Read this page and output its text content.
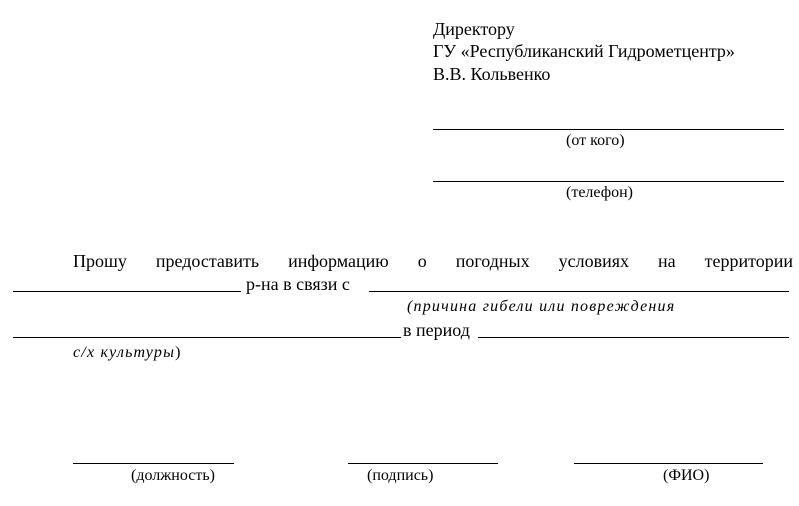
Директору
ГУ «Республиканский Гидрометцентр»
В.В. Кольвенко
(от кого)
(телефон)
Прошу предоставить информацию о погодных условиях на территории
р-на в связи с
(причина гибели или повреждения
в период
с/х культуры)
(должность)	(подпись)	(ФИО)
